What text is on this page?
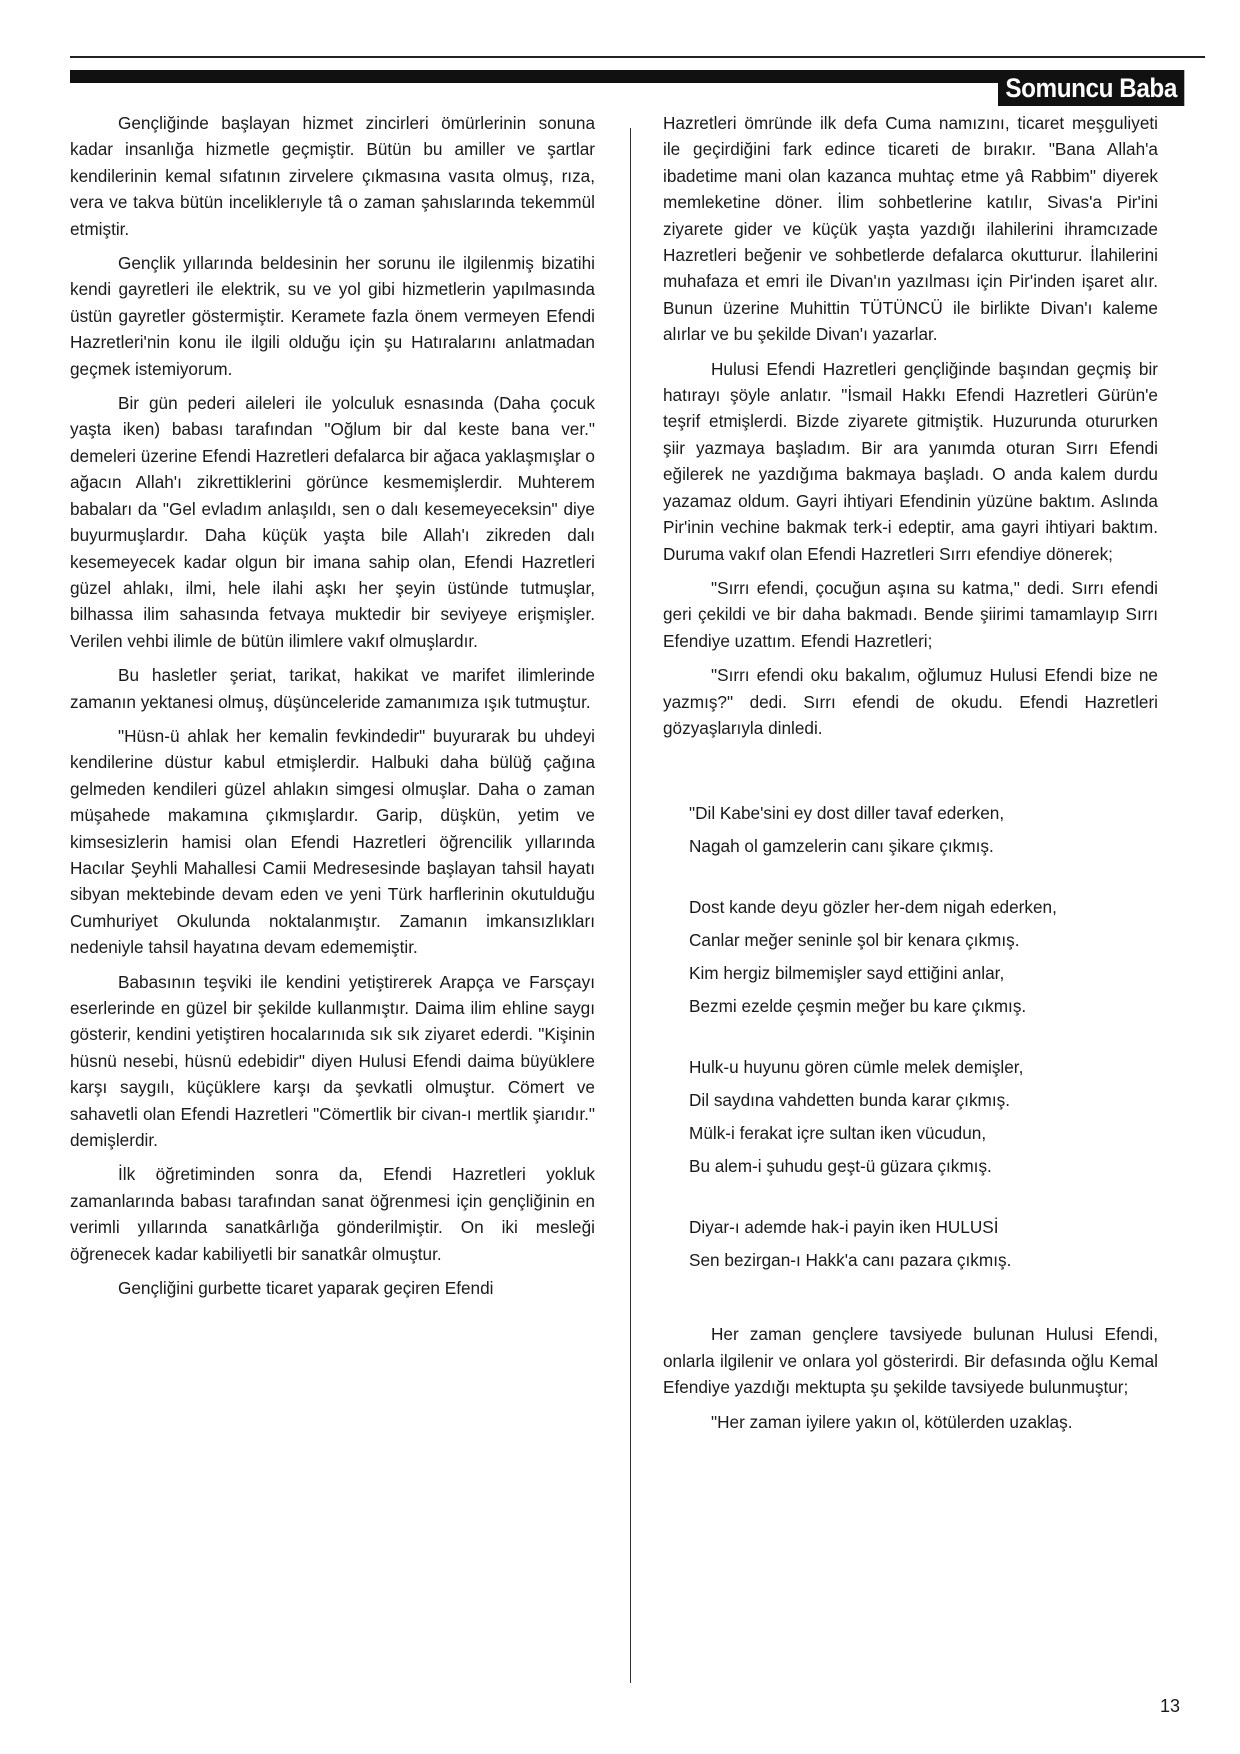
Somuncu Baba

Gençliğinde başlayan hizmet zincirleri ömürlerinin sonuna kadar insanlığa hizmetle geçmiştir. Bütün bu amiller ve şartlar kendilerinin kemal sıfatının zirvelere çıkmasına vasıta olmuş, rıza, vera ve takva bütün inceliklerıyle tâ o zaman şahıslarında tekemmül etmiştir.

Gençlik yıllarında beldesinin her sorunu ile ilgilenmiş bizatihi kendi gayretleri ile elektrik, su ve yol gibi hizmetlerin yapılmasında üstün gayretler göstermiştir. Keramete fazla önem vermeyen Efendi Hazretleri'nin konu ile ilgili olduğu için şu Hatıralarını anlatmadan geçmek istemiyorum.

Bir gün pederi aileleri ile yolculuk esnasında (Daha çocuk yaşta iken) babası tarafından "Oğlum bir dal keste bana ver." demeleri üzerine Efendi Hazretleri defalarca bir ağaca yaklaşmışlar o ağacın Allah'ı zikrettiklerini görünce kesmemişlerdir. Muhterem babaları da "Gel evladım anlaşıldı, sen o dalı kesemeyeceksin" diye buyurmuşlardır. Daha küçük yaşta bile Allah'ı zikreden dalı kesemeyecek kadar olgun bir imana sahip olan, Efendi Hazretleri güzel ahlakı, ilmi, hele ilahi aşkı her şeyin üstünde tutmuşlar, bilhassa ilim sahasında fetvaya muktedir bir seviyeye erişmişler. Verilen vehbi ilimle de bütün ilimlere vakıf olmuşlardır.

Bu hasletler şeriat, tarikat, hakikat ve marifet ilimlerinde zamanın yektanesi olmuş, düşünceleride zamanımıza ışık tutmuştur.

"Hüsn-ü ahlak her kemalin fevkindedir" buyurarak bu uhdeyi kendilerine düstur kabul etmişlerdir. Halbuki daha bülüğ çağına gelmeden kendileri güzel ahlakın simgesi olmuşlar. Daha o zaman müşahede makamına çıkmışlardır. Garip, düşkün, yetim ve kimsesizlerin hamisi olan Efendi Hazretleri öğrencilik yıllarında Hacılar Şeyhli Mahallesi Camii Medresesinde başlayan tahsil hayatı sibyan mektebinde devam eden ve yeni Türk harflerinin okutulduğu Cumhuriyet Okulunda noktalanmıştır. Zamanın imkansızlıkları nedeniyle tahsil hayatına devam edememiştir.

Babasının teşviki ile kendini yetiştirerek Arapça ve Farsçayı eserlerinde en güzel bir şekilde kullanmıştır. Daima ilim ehline saygı gösterir, kendini yetiştiren hocalarınıda sık sık ziyaret ederdi. "Kişinin hüsnü nesebi, hüsnü edebidir" diyen Hulusi Efendi daima büyüklere karşı saygılı, küçüklere karşı da şevkatli olmuştur. Cömert ve sahavetli olan Efendi Hazretleri "Cömertlik bir civan-ı mertlik şiarıdır." demişlerdir.

İlk öğretiminden sonra da, Efendi Hazretleri yokluk zamanlarında babası tarafından sanat öğrenmesi için gençliğinin en verimli yıllarında sanatkârlığa gönderilmiştir. On iki mesleği öğrenecek kadar kabiliyetli bir sanatkâr olmuştur.

Gençliğini gurbette ticaret yaparak geçiren Efendi

Hazretleri ömründe ilk defa Cuma namızını, ticaret meşguliyeti ile geçirdiğini fark edince ticareti de bırakır. "Bana Allah'a ibadetime mani olan kazanca muhtaç etme yâ Rabbim" diyerek memleketine döner. İlim sohbetlerine katılır, Sivas'a Pir'ini ziyarete gider ve küçük yaşta yazdığı ilahilerini ihramcızade Hazretleri beğenir ve sohbetlerde defalarca okutturur. İlahilerini muhafaza et emri ile Divan'ın yazılması için Pir'inden işaret alır. Bunun üzerine Muhittin TÜTÜNCÜ ile birlikte Divan'ı kaleme alırlar ve bu şekilde Divan'ı yazarlar.

Hulusi Efendi Hazretleri gençliğinde başından geçmiş bir hatırayı şöyle anlatır. "İsmail Hakkı Efendi Hazretleri Gürün'e teşrif etmişlerdi. Bizde ziyarete gitmiştik. Huzurunda otururken şiir yazmaya başladım. Bir ara yanımda oturan Sırrı Efendi eğilerek ne yazdığıma bakmaya başladı. O anda kalem durdu yazamaz oldum. Gayri ihtiyari Efendinin yüzüne baktım. Aslında Pir'inin vechine bakmak terk-i edeptir, ama gayri ihtiyari baktım. Duruma vakıf olan Efendi Hazretleri Sırrı efendiye dönerek;

"Sırrı efendi, çocuğun aşına su katma," dedi. Sırrı efendi geri çekildi ve bir daha bakmadı. Bende şiirimi tamamlayıp Sırrı Efendiye uzattım. Efendi Hazretleri;

"Sırrı efendi oku bakalım, oğlumuz Hulusi Efendi bize ne yazmış?" dedi. Sırrı efendi de okudu. Efendi Hazretleri gözyaşlarıyla dinledi.

"Dil Kabe'sini ey dost diller tavaf ederken,
Nagah ol gamzelerin canı şikare çıkmış.
Dost kande deyu gözler her-dem nigah ederken,
Canlar meğer seninle şol bir kenara çıkmış.
Kim hergiz bilmemişler sayd ettiğini anlar,
Bezmi ezelde çeşmin meğer bu kare çıkmış.
Hulk-u huyunu gören cümle melek demişler,
Dil saydına vahdetten bunda karar çıkmış.
Mülk-i ferakat içre sultan iken vücudun,
Bu alem-i şuhudu geşt-ü güzara çıkmış.
Diyar-ı ademde hak-i payin iken HULUSİ
Sen bezirgan-ı Hakk'a canı pazara çıkmış.

Her zaman gençlere tavsiyede bulunan Hulusi Efendi, onlarla ilgilenir ve onlara yol gösterirdi. Bir defasında oğlu Kemal Efendiye yazdığı mektupta şu şekilde tavsiyede bulunmuştur;

"Her zaman iyilere yakın ol, kötülerden uzaklaş.

13
